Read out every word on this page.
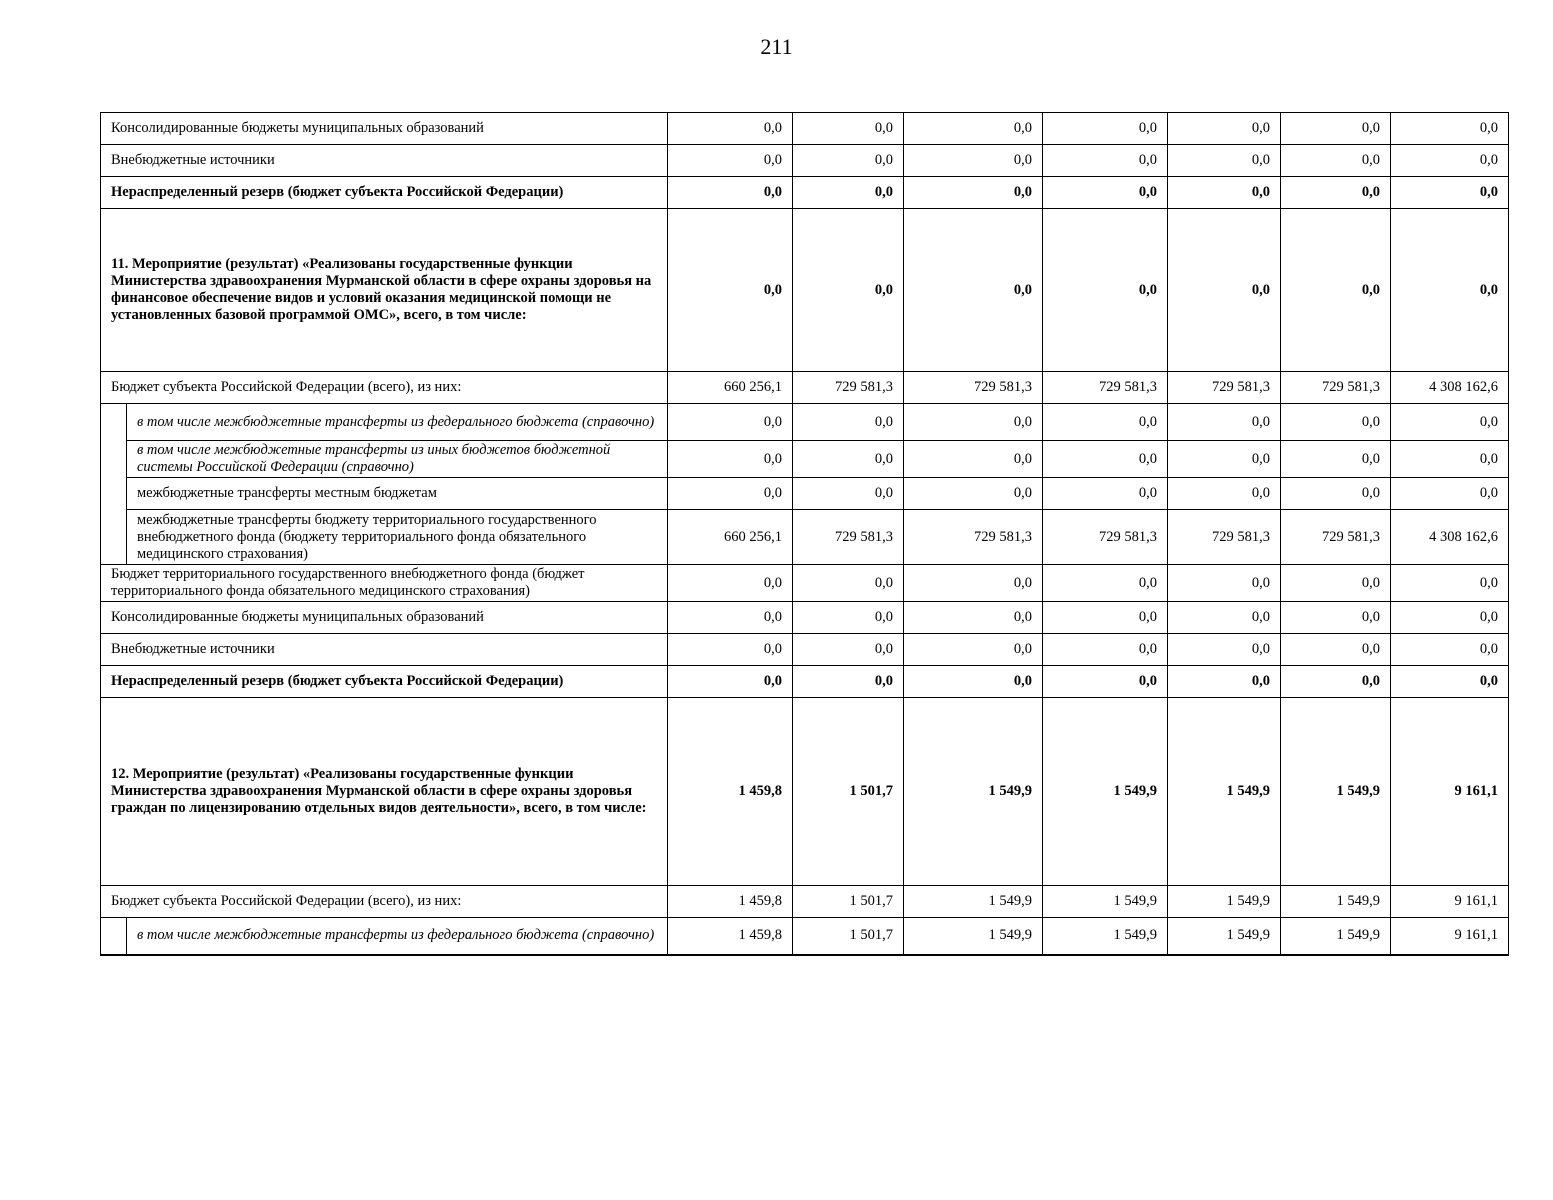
211
Консолидированные бюджеты муниципальных образований		0,0	0,0	0,0	0,0	0,0	0,0	0,0
Внебюджетные источники		0,0	0,0	0,0	0,0	0,0	0,0	0,0
Нераспределенный резерв (бюджет субъекта Российской Федерации)		0,0	0,0	0,0	0,0	0,0	0,0	0,0
11. Мероприятие (результат) «Реализованы государственные функции Министерства здравоохранения Мурманской области в сфере охраны здоровья на финансовое обеспечение видов и условий оказания медицинской помощи не установленных базовой программой ОМС», всего, в том числе:		0,0	0,0	0,0	0,0	0,0	0,0	0,0
Бюджет субъекта Российской Федерации (всего), из них:		660 256,1	729 581,3	729 581,3	729 581,3	729 581,3	729 581,3	4 308 162,6
	в том числе межбюджетные трансферты из федерального бюджета (справочно)	0,0	0,0	0,0	0,0	0,0	0,0	0,0
	в том числе межбюджетные трансферты из иных бюджетов бюджетной системы Российской Федерации (справочно)	0,0	0,0	0,0	0,0	0,0	0,0	0,0
	межбюджетные трансферты местным бюджетам	0,0	0,0	0,0	0,0	0,0	0,0	0,0
	межбюджетные трансферты бюджету территориального государственного внебюджетного фонда (бюджету территориального фонда обязательного медицинского страхования)	660 256,1	729 581,3	729 581,3	729 581,3	729 581,3	729 581,3	4 308 162,6
Бюджет территориального государственного внебюджетного фонда (бюджет территориального фонда обязательного медицинского страхования)		0,0	0,0	0,0	0,0	0,0	0,0	0,0
Консолидированные бюджеты муниципальных образований		0,0	0,0	0,0	0,0	0,0	0,0	0,0
Внебюджетные источники		0,0	0,0	0,0	0,0	0,0	0,0	0,0
Нераспределенный резерв (бюджет субъекта Российской Федерации)		0,0	0,0	0,0	0,0	0,0	0,0	0,0
12. Мероприятие (результат) «Реализованы государственные функции Министерства здравоохранения Мурманской области в сфере охраны здоровья граждан по лицензированию отдельных видов деятельности», всего, в том числе:		1 459,8	1 501,7	1 549,9	1 549,9	1 549,9	1 549,9	9 161,1
Бюджет субъекта Российской Федерации (всего), из них:		1 459,8	1 501,7	1 549,9	1 549,9	1 549,9	1 549,9	9 161,1
	в том числе межбюджетные трансферты из федерального бюджета (справочно)	1 459,8	1 501,7	1 549,9	1 549,9	1 549,9	1 549,9	9 161,1
